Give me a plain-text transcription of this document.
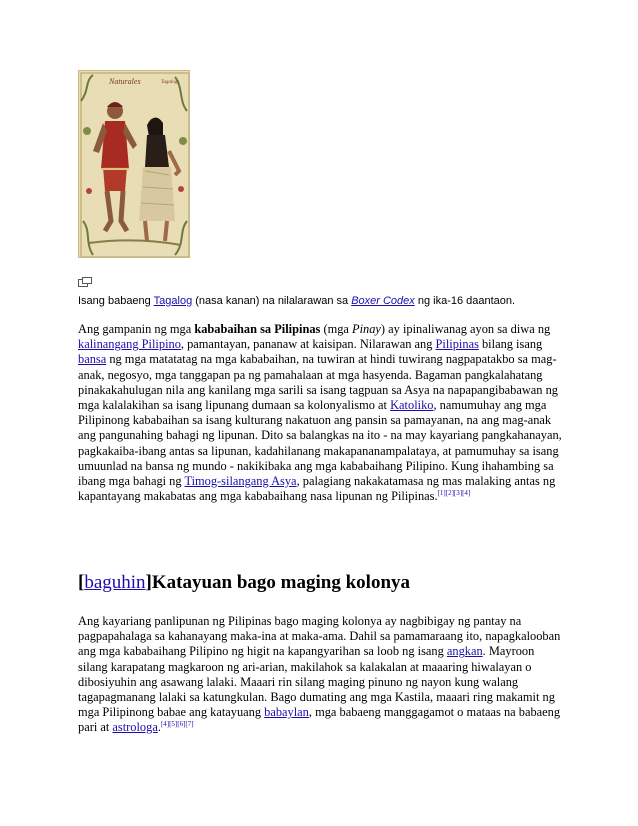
Naturales	Tagalogs
Isang babaeng Tagalog (nasa kanan) na nilalarawan sa Boxer Codex ng ika-16 daantaon.
Ang gampanin ng mga kababaihan sa Pilipinas (mga Pinay) ay ipinaliwanag ayon sa diwa ng kalinangang Pilipino, pamantayan, pananaw at kaisipan. Nilarawan ang Pilipinas bilang isang bansa ng mga matatatag na mga kababaihan, na tuwiran at hindi tuwirang nagpapatakbo sa mag-anak, negosyo, mga tanggapan pa ng pamahalaan at mga hasyenda. Bagaman pangkalahatang pinakakahulugan nila ang kanilang mga sarili sa isang tagpuan sa Asya na napapangibabawan ng mga kalalakihan sa isang lipunang dumaan sa kolonyalismo at Katoliko, namumuhay ang mga Pilipinong kababaihan sa isang kulturang nakatuon ang pansin sa pamayanan, na ang mag-anak ang pangunahing bahagi ng lipunan. Dito sa balangkas na ito - na may kayariang pangkahanayan, pagkakaiba-ibang antas sa lipunan, kadahilanang makapananampalataya, at pamumuhay sa isang umuunlad na bansa ng mundo - nakikibaka ang mga kababaihang Pilipino. Kung ihahambing sa ibang mga bahagi ng Timog-silangang Asya, palagiang nakakatamasa ng mas malaking antas ng kapantayang makabatas ang mga kababaihang nasa lipunan ng Pilipinas.[1][2][3][4]
[baguhin]Katayuan bago maging kolonya
Ang kayariang panlipunan ng Pilipinas bago maging kolonya ay nagbibigay ng pantay na pagpapahalaga sa kahanayang maka-ina at maka-ama. Dahil sa pamamaraang ito, napagkalooban ang mga kababaihang Pilipino ng higit na kapangyarihan sa loob ng isang angkan. Mayroon silang karapatang magkaroon ng ari-arian, makilahok sa kalakalan at maaaring hiwalayan o dibosiyuhin ang asawang lalaki. Maaari rin silang maging pinuno ng nayon kung walang tagapagmanang lalaki sa katungkulan. Bago dumating ang mga Kastila, maaari ring makamit ng mga Pilipinong babae ang katayuang babaylan, mga babaeng manggagamot o mataas na babaeng pari at astrologa.[4][5][6][7]
